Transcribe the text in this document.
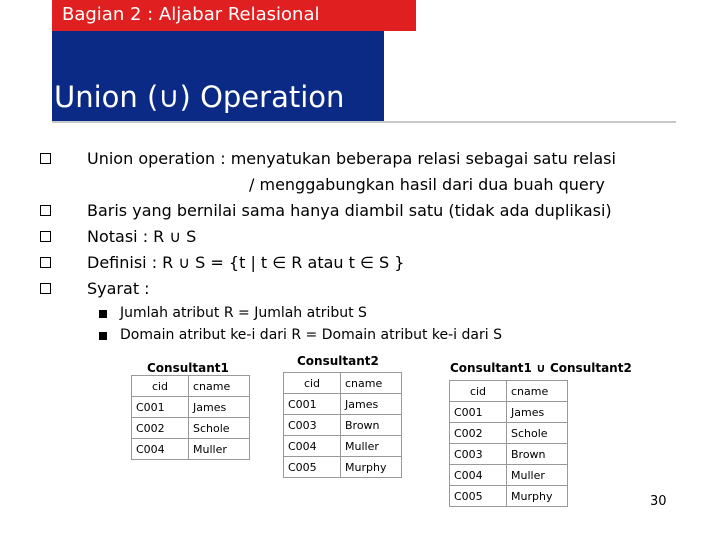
Bagian 2 : Aljabar Relasional
Union (∪) Operation
Union operation : menyatukan beberapa relasi sebagai satu relasi
/ menggabungkan hasil dari dua buah query
Baris yang bernilai sama hanya diambil satu (tidak ada duplikasi)
Notasi : R ∪ S
Definisi : R ∪ S = {t | t ∈ R atau t ∈ S }
Syarat :
Jumlah atribut R = Jumlah atribut S
Domain atribut ke-i dari R = Domain atribut ke-i dari S
Consultant1
cid	cname
C001	James
C002	Schole
C004	Muller
Consultant2
cid	cname
C001	James
C003	Brown
C004	Muller
C005	Murphy
Consultant1 ∪ Consultant2
cid	cname
C001	James
C002	Schole
C003	Brown
C004	Muller
C005	Murphy	30
